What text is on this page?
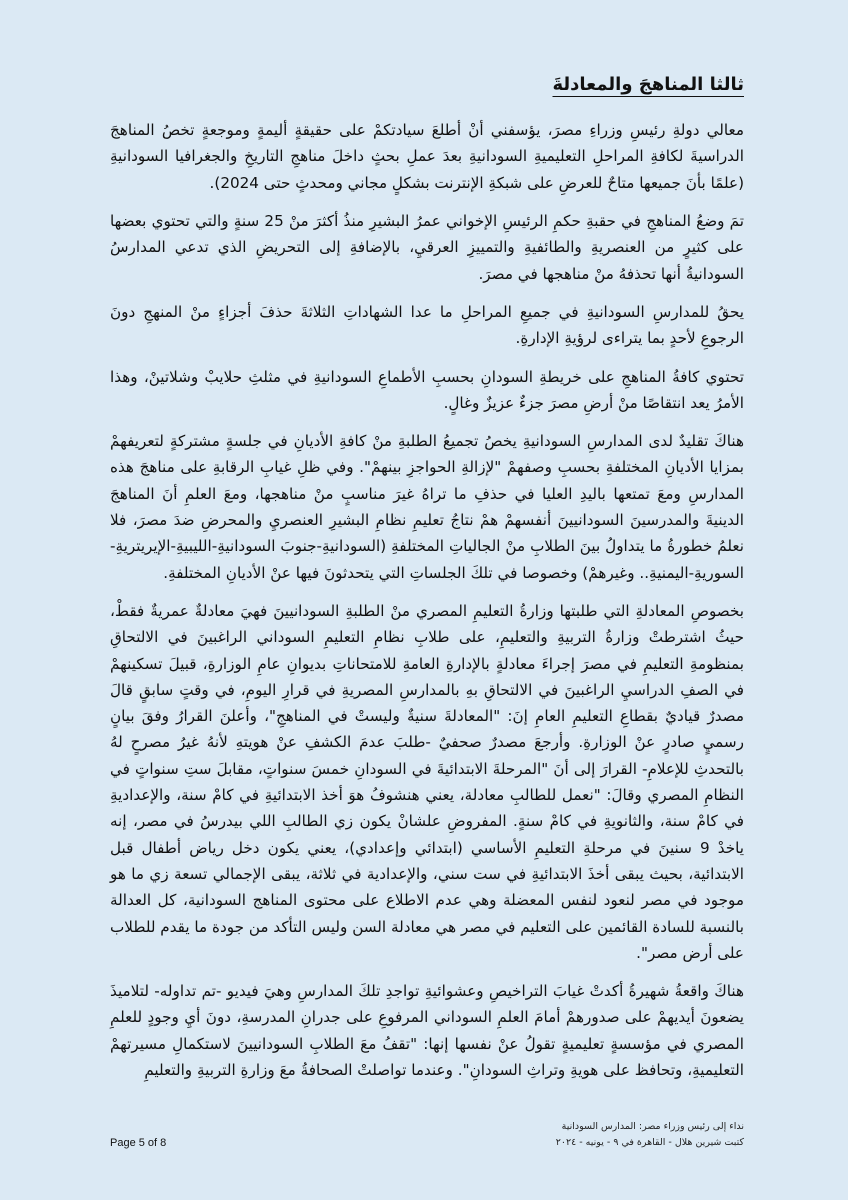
ثالثا المناهجَ والمعادلةَ

معالي دولةِ رئيسِ وزراءِ مصرَ، يؤسفني أنْ أطلعَ سيادتكمْ على حقيقةٍ أليمةٍ وموجعةٍ تخصُ المناهجَ الدراسيةَ لكافةِ المراحلِ التعليميةِ السودانيةِ بعدَ عملِ بحثٍ داخلَ مناهجِ التاريخِ والجغرافيا السودانيةِ (علمًا بأنَ جميعها متاحٌ للعرضِ على شبكةِ الإنترنت بشكلٍ مجاني ومحدثٍ حتى 2024).

تمَ وضعُ المناهجِ في حقبةِ حكمِ الرئيسِ الإخواني عمرُ البشيرِ منذُ أكثرَ منْ 25 سنةٍ والتي تحتوي بعضها على كثيرٍ من العنصريةِ والطائفيةِ والتمييزِ العرقيِ، بالإضافةِ إلى التحريضِ الذي تدعي المدارسُ السودانيةُ أنها تحذفهُ منْ مناهجها في مصرَ.

يحقُ للمدارسِ السودانيةِ في جميعِ المراحلِ ما عدا الشهاداتِ الثلاثةَ حذفَ أجزاءٍ منْ المنهجِ دونَ الرجوعِ لأحدٍ بما يتراءى لرؤيةِ الإدارةِ.

تحتوي كافةُ المناهجِ على خريطةِ السودانِ بحسبِ الأطماعِ السودانيةِ في مثلثِ حلايبْ وشلاتينْ، وهذا الأمرُ يعد انتقاصًا منْ أرضِ مصرَ جزءٌ عزيزٌ وغالٍ.

هناكَ تقليدٌ لدى المدارسِ السودانيةِ يخصُ تجميعُ الطلبةِ منْ كافةِ الأديانِ في جلسةٍ مشتركةٍ لتعريفهمْ بمزايا الأديانِ المختلفةِ بحسبِ وصفهمْ "لإزالةِ الحواجزِ بينهمْ". وفي ظلِ غيابِ الرقابةِ على مناهجَ هذه المدارسِ ومعَ تمتعها باليدِ العليا في حذفِ ما تراهُ غيرَ مناسبٍ منْ مناهجها، ومعَ العلمِ أنَ المناهجَ الدينيةَ والمدرسينَ السودانيينَ أنفسهمْ همْ نتاجُ تعليمِ نظامِ البشيرِ العنصريِ والمحرضِ ضدَ مصرَ، فلا نعلمُ خطورةُ ما يتداولُ بينَ الطلابِ منْ الجالياتِ المختلفةِ (السودانيةِ-جنوبَ السودانيةِ-الليبيةِ-الإيريتريةِ-السوريةِ-اليمنيةِ.. وغيرهمْ) وخصوصا في تلكَ الجلساتِ التي يتحدثونَ فيها عنْ الأديانِ المختلفةِ.

بخصوصِ المعادلةِ التي طلبتها وزارةُ التعليمِ المصري منْ الطلبةِ السودانيينَ فهيَ معادلةٌ عمريةٌ فقطْ، حيثُ اشترطتْ وزارةُ التربيةِ والتعليمِ، على طلابِ نظامِ التعليمِ السوداني الراغبينَ في الالتحاقِ بمنظومةِ التعليمِ في مصرَ إجراءَ معادلةٍ بالإدارةِ العامةِ للامتحاناتِ بديوانِ عامِ الوزارةِ، قبيلَ تسكينهمْ في الصفِ الدراسيِ الراغبينَ في الالتحاقِ بهِ بالمدارسِ المصريةِ في قرارِ اليومِ، في وقتٍ سابقٍ قالَ مصدرٌ قياديٌ بقطاعِ التعليمِ العامِ إنَ: "المعادلةَ سنيةٌ وليستْ في المناهجِ"، وأعلنَ القرارُ وفقَ بيانٍ رسميٍ صادرٍ عنْ الوزارةِ. وأرجعَ مصدرٌ صحفيٌ -طلبَ عدمَ الكشفِ عنْ هويتهِ لأنهُ غيرُ مصرحٍ لهُ بالتحدثِ للإعلامِ- القرارَ إلى أنَ "المرحلةَ الابتدائيةَ في السودانِ خمسَ سنواتٍ، مقابلَ ستِ سنواتٍ في النظامِ المصري وقالَ: "نعمل للطالبِ معادلة، يعني هنشوفُ هوَ أخذ الابتدائيةِ في كامْ سنة، والإعداديةِ في كامْ سنة، والثانويةِ في كامْ سنةٍ. المفروضِ علشانْ يكون زي الطالبِ اللي بيدرسُ في مصر، إنه ياخدْ 9 سنينَ في مرحلةِ التعليمِ الأساسي (ابتدائي وإعدادي)، يعني يكون دخل رياض أطفال قبل الابتدائية، بحيث يبقى أخذَ الابتدائيةِ في ست سني، والإعدادية في ثلاثة، يبقى الإجمالي تسعة زي ما هو موجود في مصر لنعود لنفس المعضلة وهي عدم الاطلاع على محتوى المناهج السودانية، كل العدالة بالنسبة للسادة القائمين على التعليم في مصر هي معادلة السن وليس التأكد من جودة ما يقدم للطلاب على أرض مصر".

هناكَ واقعةُ شهيرةُ أكدتْ غيابَ التراخيصِ وعشوائيةِ تواجدِ تلكَ المدارسِ وهيَ فيديو -تم تداوله- لتلاميذَ يضعونَ أيديهمْ على صدورهمْ أمامَ العلمِ السوداني المرفوعِ على جدرانِ المدرسةِ، دونَ أيِ وجودٍ للعلمِ المصري في مؤسسةٍ تعليميةٍ تقولُ عنْ نفسها إنها: "تقفُ معَ الطلابِ السودانيينَ لاستكمالِ مسيرتهمْ التعليميةِ، وتحافظ على هويةِ وتراثِ السودانِ". وعندما تواصلتْ الصحافةُ معَ وزارةِ التربيةِ والتعليمِ

نداء إلى رئيس وزراء مصر: المدارس السودانية
كتبت شيرين هلال - القاهرة في ٩ - يونيه - ٢٠٢٤
Page 5 of 8
